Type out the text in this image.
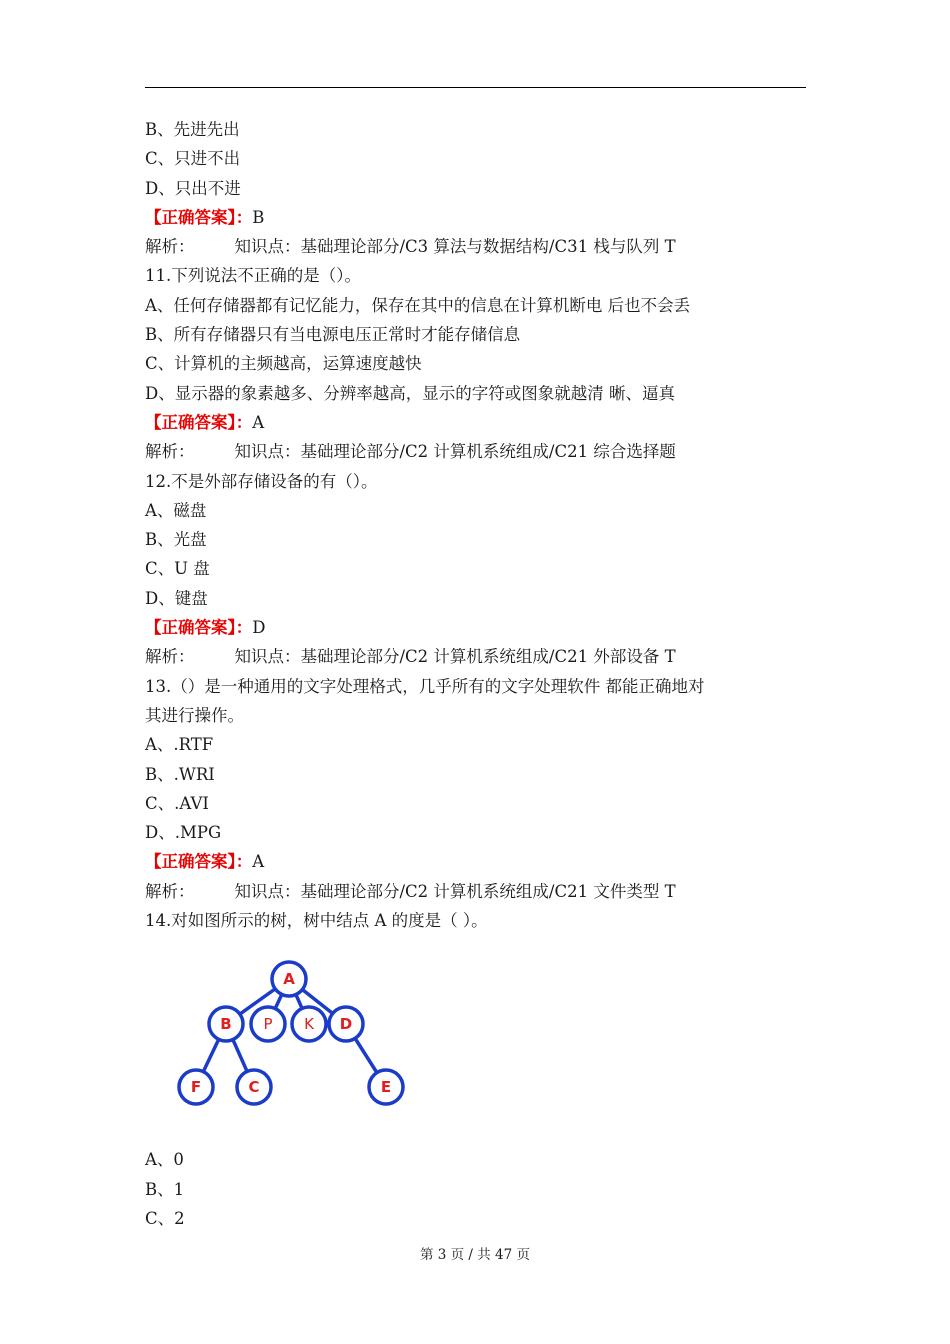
B、先进先出
C、只进不出
D、只出不进
【正确答案】：B
解析： 知识点：基础理论部分/C3 算法与数据结构/C31 栈与队列 T
11.下列说法不正确的是（）。
A、任何存储器都有记忆能力，保存在其中的信息在计算机断电 后也不会丢
B、所有存储器只有当电源电压正常时才能存储信息
C、计算机的主频越高，运算速度越快
D、显示器的象素越多、分辨率越高，显示的字符或图象就越清 晰、逼真
【正确答案】：A
解析： 知识点：基础理论部分/C2 计算机系统组成/C21 综合选择题
12.不是外部存储设备的有（）。
A、磁盘
B、光盘
C、U 盘
D、键盘
【正确答案】：D
解析： 知识点：基础理论部分/C2 计算机系统组成/C21 外部设备 T
13.（）是一种通用的文字处理格式，几乎所有的文字处理软件 都能正确地对
其进行操作。
A、.RTF
B、.WRI
C、.AVI
D、.MPG
【正确答案】：A
解析： 知识点：基础理论部分/C2 计算机系统组成/C21 文件类型 T
14.对如图所示的树，树中结点 A 的度是（ ）。
A
B P K D
F	C	E
A、0
B、1
C、2
第 3 页 / 共 47 页
